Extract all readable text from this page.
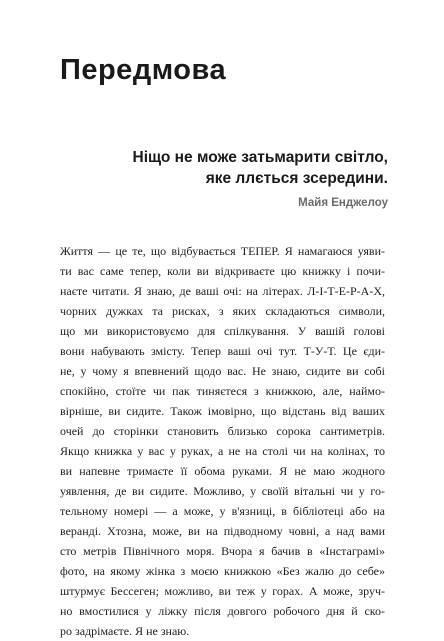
Передмова
Ніщо не може затьмарити світло,
яке ллється зсередини.
Майя Енджелоу
Життя — це те, що відбувається ТЕПЕР. Я намагаюся уяви-
ти вас саме тепер, коли ви відкриваєте цю книжку і почи-
наєте читати. Я знаю, де ваші очі: на літерах. Л-І-Т-Е-Р-А-Х,
чорних дужках та рисках, з яких складаються символи,
що ми використовуємо для спілкування. У вашій голові
вони набувають змісту. Тепер ваші очі тут. Т-У-Т. Це єди-
не, у чому я впевнений щодо вас. Не знаю, сидите ви собі
спокійно, стоїте чи пак тиняєтеся з книжкою, але, наймо-
вірніше, ви сидите. Також імовірно, що відстань від ваших
очей до сторінки становить близько сорока сантиметрів.
Якщо книжка у вас у руках, а не на столі чи на колінах, то
ви напевне тримаєте її обома руками. Я не маю жодного
уявлення, де ви сидите. Можливо, у своїй вітальні чи у го-
тельному номері — а може, у в'язниці, в бібліотеці або на
веранді. Хтозна, може, ви на підводному човні, а над вами
сто метрів Північного моря. Вчора я бачив в «Інстаграмі»
фото, на якому жінка з моєю книжкою «Без жалю до себе»
штурмує Бессеген; можливо, ви теж у горах. А може, зруч-
но вмостилися у ліжку після довгого робочого дня й ско-
ро задрімаєте. Я не знаю.
